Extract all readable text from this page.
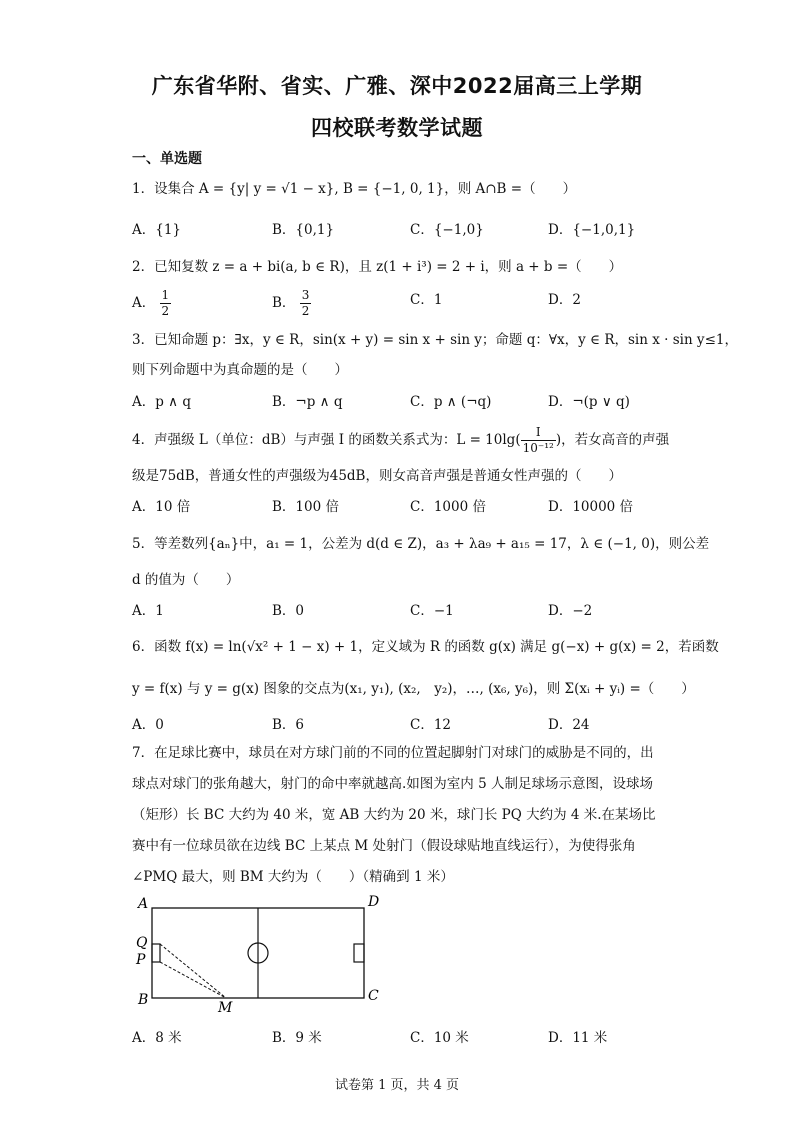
广东省华附、省实、广雅、深中2022届高三上学期
四校联考数学试题
一、单选题
1．设集合 A = {y| y = √1 − x}, B = {−1, 0, 1}，则 A∩B =（　　）
A．{1}	B．{0,1}	C．{−1,0}	D．{−1,0,1}
2．已知复数 z = a + bi(a, b ∈ R)，且 z(1 + i³) = 2 + i，则 a + b =（　　）
A． $\frac{1}{2}$	B． $\frac{3}{2}$	C．1	D．2
3．已知命题 p：∃x，y ∈ R，sin(x + y) = sin x + sin y；命题 q：∀x，y ∈ R，sin x · sin y≤1，
则下列命题中为真命题的是（　　）
A．p ∧ q	B．¬p ∧ q	C．p ∧ (¬q)	D．¬(p ∨ q)
4．声强级 L（单位：dB）与声强 I 的函数关系式为：$L = 10\lg( \frac{I}{\text{10⁻¹²}}$ )，若女高音的声强
级是75dB，普通女性的声强级为45dB，则女高音声强是普通女性声强的（　　）
A．10 倍	B．100 倍	C．1000 倍	D．10000 倍
5．等差数列{aₙ}中，a₁ = 1，公差为 d(d ∈ Z)，a₃ + λa₉ + a₁₅ = 17，λ ∈ (−1, 0)，则公差
d 的值为（　　）
A．1	B．0	C．−1	D．−2
6．函数 f(x) = ln(√x² + 1 − x) + 1，定义域为 R 的函数 g(x) 满足 g(−x) + g(x) = 2，若函数
y = f(x) 与 y = g(x) 图象的交点为(x₁, y₁), (x₂,　y₂)，…, (x₆, y₆)，则 Σ(xᵢ + yᵢ) =（　　）
A．0	B．6	C．12	D．24
7．在足球比赛中，球员在对方球门前的不同的位置起脚射门对球门的威胁是不同的，出球点对球门的张角越大，射门的命中率就越高.如图为室内 5 人制足球场示意图，设球场（矩形）长 BC 大约为 40 米，宽 AB 大约为 20 米，球门长 PQ 大约为 4 米.在某场比赛中有一位球员欲在边线 BC 上某点 M 处射门（假设球贴地直线运行），为使得张角∠PMQ 最大，则 BM 大约为（　　）（精确到 1 米）
A	D
Q
P
B	C
M
A．8 米	B．9 米	C．10 米	D．11 米
试卷第 1 页，共 4 页
